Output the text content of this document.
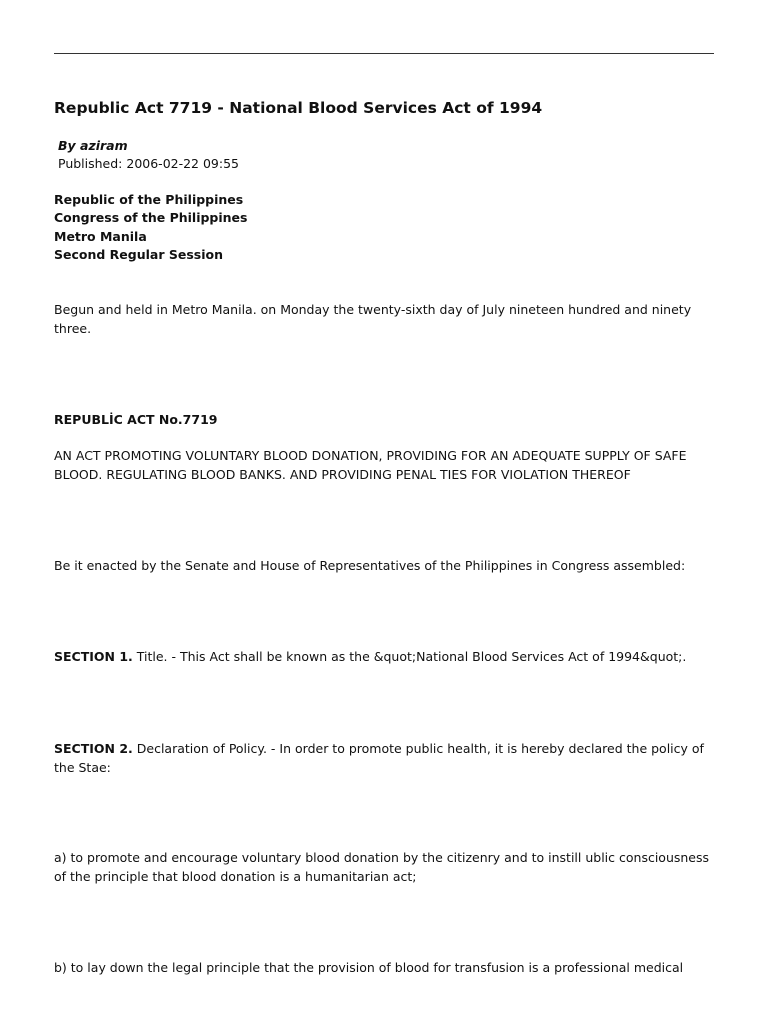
Republic Act 7719 - National Blood Services Act of 1994
By aziram
Published: 2006-02-22 09:55
Republic of the Philippines
Congress of the Philippines
Metro Manila
Second Regular Session

Begun and held in Metro Manila. on Monday the twenty-sixth day of July nineteen hundred and ninety three.

REPUBLİC ACT No.7719

AN ACT PROMOTING VOLUNTARY BLOOD DONATION, PROVIDING FOR AN ADEQUATE SUPPLY OF SAFE BLOOD. REGULATING BLOOD BANKS. AND PROVIDING PENAL TIES FOR VIOLATION THEREOF

Be it enacted by the Senate and House of Representatives of the Philippines in Congress assembled:

SECTION 1. Title. - This Act shall be known as the &quot;National Blood Services Act of 1994&quot;.

SECTION 2. Declaration of Policy. - In order to promote public health, it is hereby declared the policy of the Stae:

a) to promote and encourage voluntary blood donation by the citizenry and to instill ublic consciousness of the principle that blood donation is a humanitarian act;

b) to lay down the legal principle that the provision of blood for transfusion is a professional medical
